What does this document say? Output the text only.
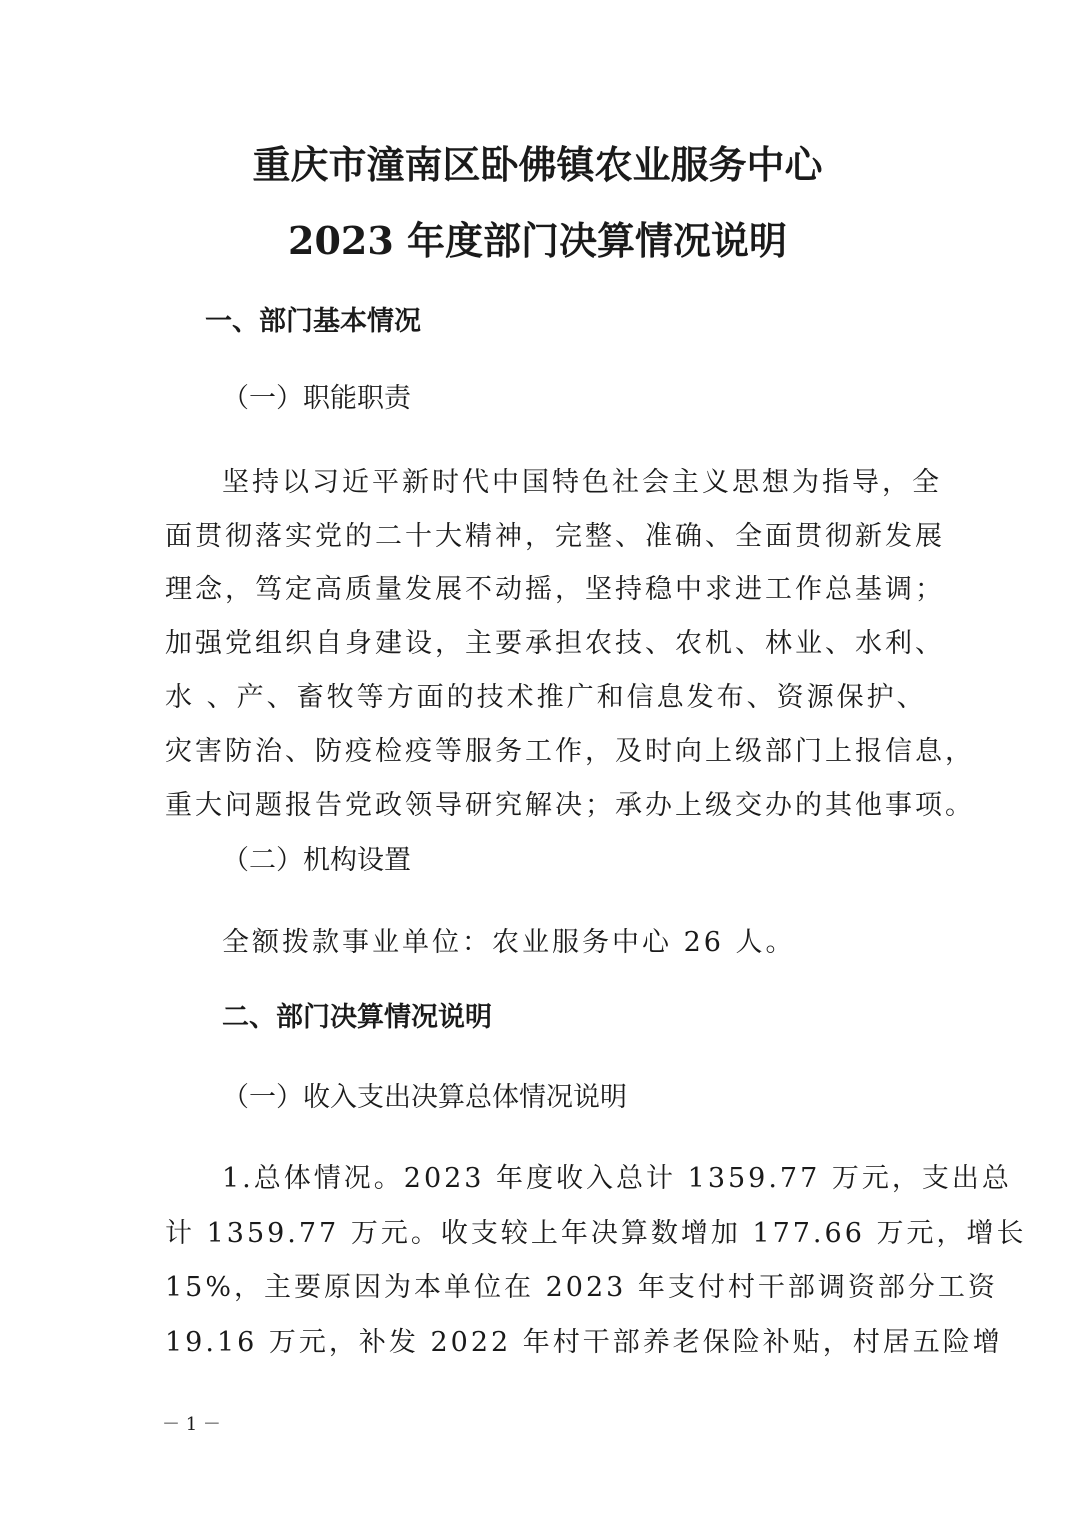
重庆市潼南区卧佛镇农业服务中心
2023 年度部门决算情况说明
一、部门基本情况
（一）职能职责
坚持以习近平新时代中国特色社会主义思想为指导，全
面贯彻落实党的二十大精神，完整、准确、全面贯彻新发展
理念，笃定高质量发展不动摇，坚持稳中求进工作总基调；
加强党组织自身建设，主要承担农技、农机、林业、水利、
水 、产、畜牧等方面的技术推广和信息发布、资源保护、
灾害防治、防疫检疫等服务工作，及时向上级部门上报信息，
重大问题报告党政领导研究解决；承办上级交办的其他事项。
（二）机构设置
全额拨款事业单位：农业服务中心 26 人。
二、部门决算情况说明
（一）收入支出决算总体情况说明
1.总体情况。2023 年度收入总计 1359.77 万元，支出总
计 1359.77 万元。收支较上年决算数增加 177.66 万元，增长
15%，主要原因为本单位在 2023 年支付村干部调资部分工资
19.16 万元，补发 2022 年村干部养老保险补贴，村居五险增
－ 1 －
